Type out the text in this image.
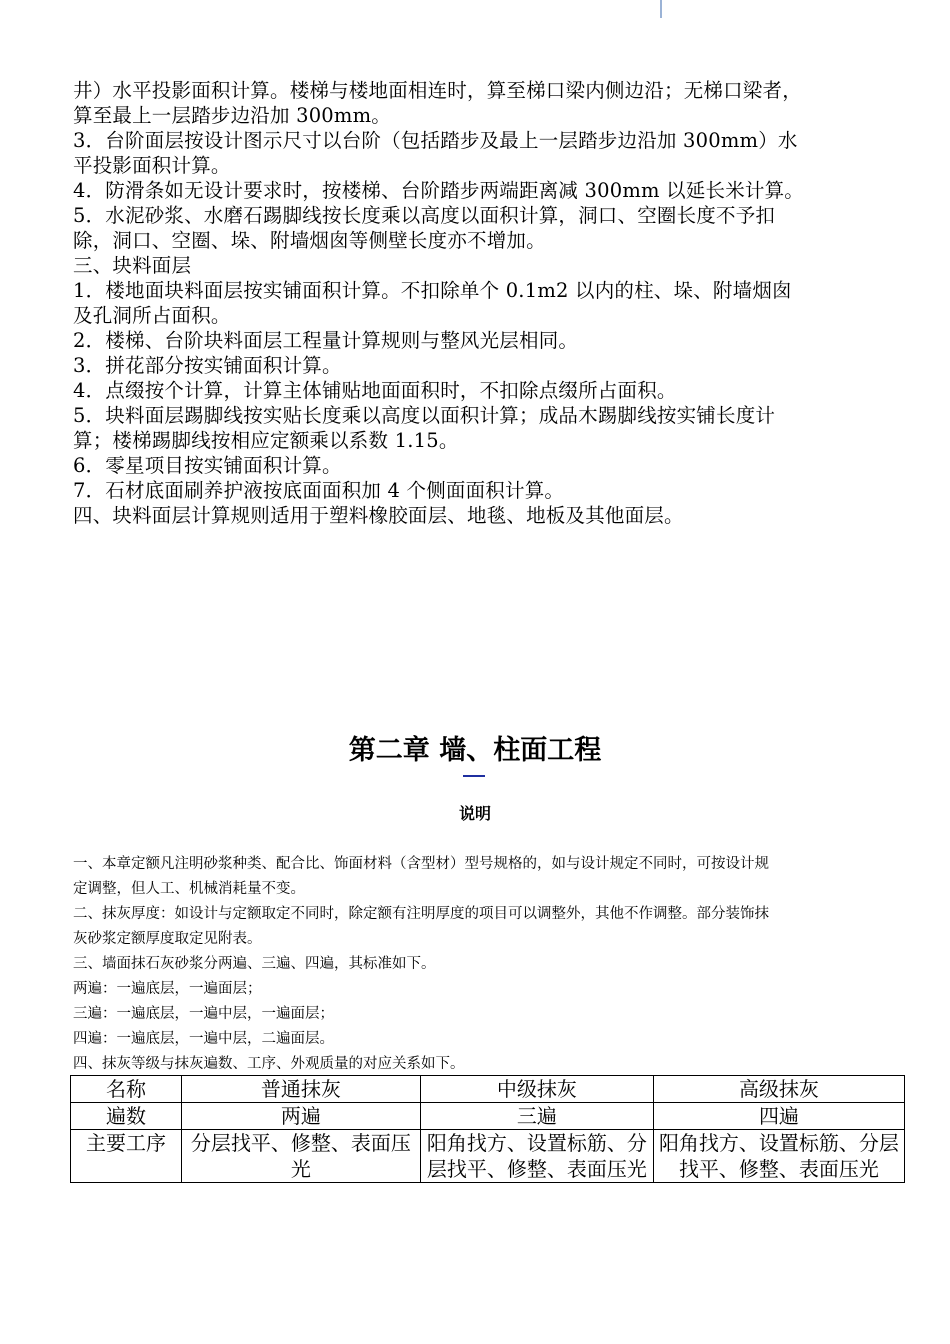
井）水平投影面积计算。楼梯与楼地面相连时，算至梯口梁内侧边沿；无梯口梁者，

算至最上一层踏步边沿加 300mm。

3．台阶面层按设计图示尺寸以台阶（包括踏步及最上一层踏步边沿加 300mm）水

平投影面积计算。

4．防滑条如无设计要求时，按楼梯、台阶踏步两端距离减 300mm 以延长米计算。

5．水泥砂浆、水磨石踢脚线按长度乘以高度以面积计算，洞口、空圈长度不予扣

除，洞口、空圈、垛、附墙烟囱等侧壁长度亦不增加。

三、块料面层

1．楼地面块料面层按实铺面积计算。不扣除单个 0.1m2 以内的柱、垛、附墙烟囱

及孔洞所占面积。

2．楼梯、台阶块料面层工程量计算规则与整风光层相同。

3．拼花部分按实铺面积计算。

4．点缀按个计算，计算主体铺贴地面面积时，不扣除点缀所占面积。

5．块料面层踢脚线按实贴长度乘以高度以面积计算；成品木踢脚线按实铺长度计

算；楼梯踢脚线按相应定额乘以系数 1.15。

6．零星项目按实铺面积计算。

7．石材底面刷养护液按底面面积加 4 个侧面面积计算。

四、块料面层计算规则适用于塑料橡胶面层、地毯、地板及其他面层。

第二章 墙、柱面工程
说明

一、本章定额凡注明砂浆种类、配合比、饰面材料（含型材）型号规格的，如与设计规定不同时，可按设计规

定调整，但人工、机械消耗量不变。

二、抹灰厚度：如设计与定额取定不同时，除定额有注明厚度的项目可以调整外，其他不作调整。部分装饰抹

灰砂浆定额厚度取定见附表。

三、墙面抹石灰砂浆分两遍、三遍、四遍，其标准如下。

两遍：一遍底层，一遍面层；

三遍：一遍底层，一遍中层，一遍面层；

四遍：一遍底层，一遍中层，二遍面层。

四、抹灰等级与抹灰遍数、工序、外观质量的对应关系如下。

名称	普通抹灰	中级抹灰	高级抹灰
遍数	两遍	三遍	四遍
主要工序	分层找平、修整、表面压光	阳角找方、设置标筋、分层找平、修整、表面压光	阳角找方、设置标筋、分层找平、修整、表面压光
